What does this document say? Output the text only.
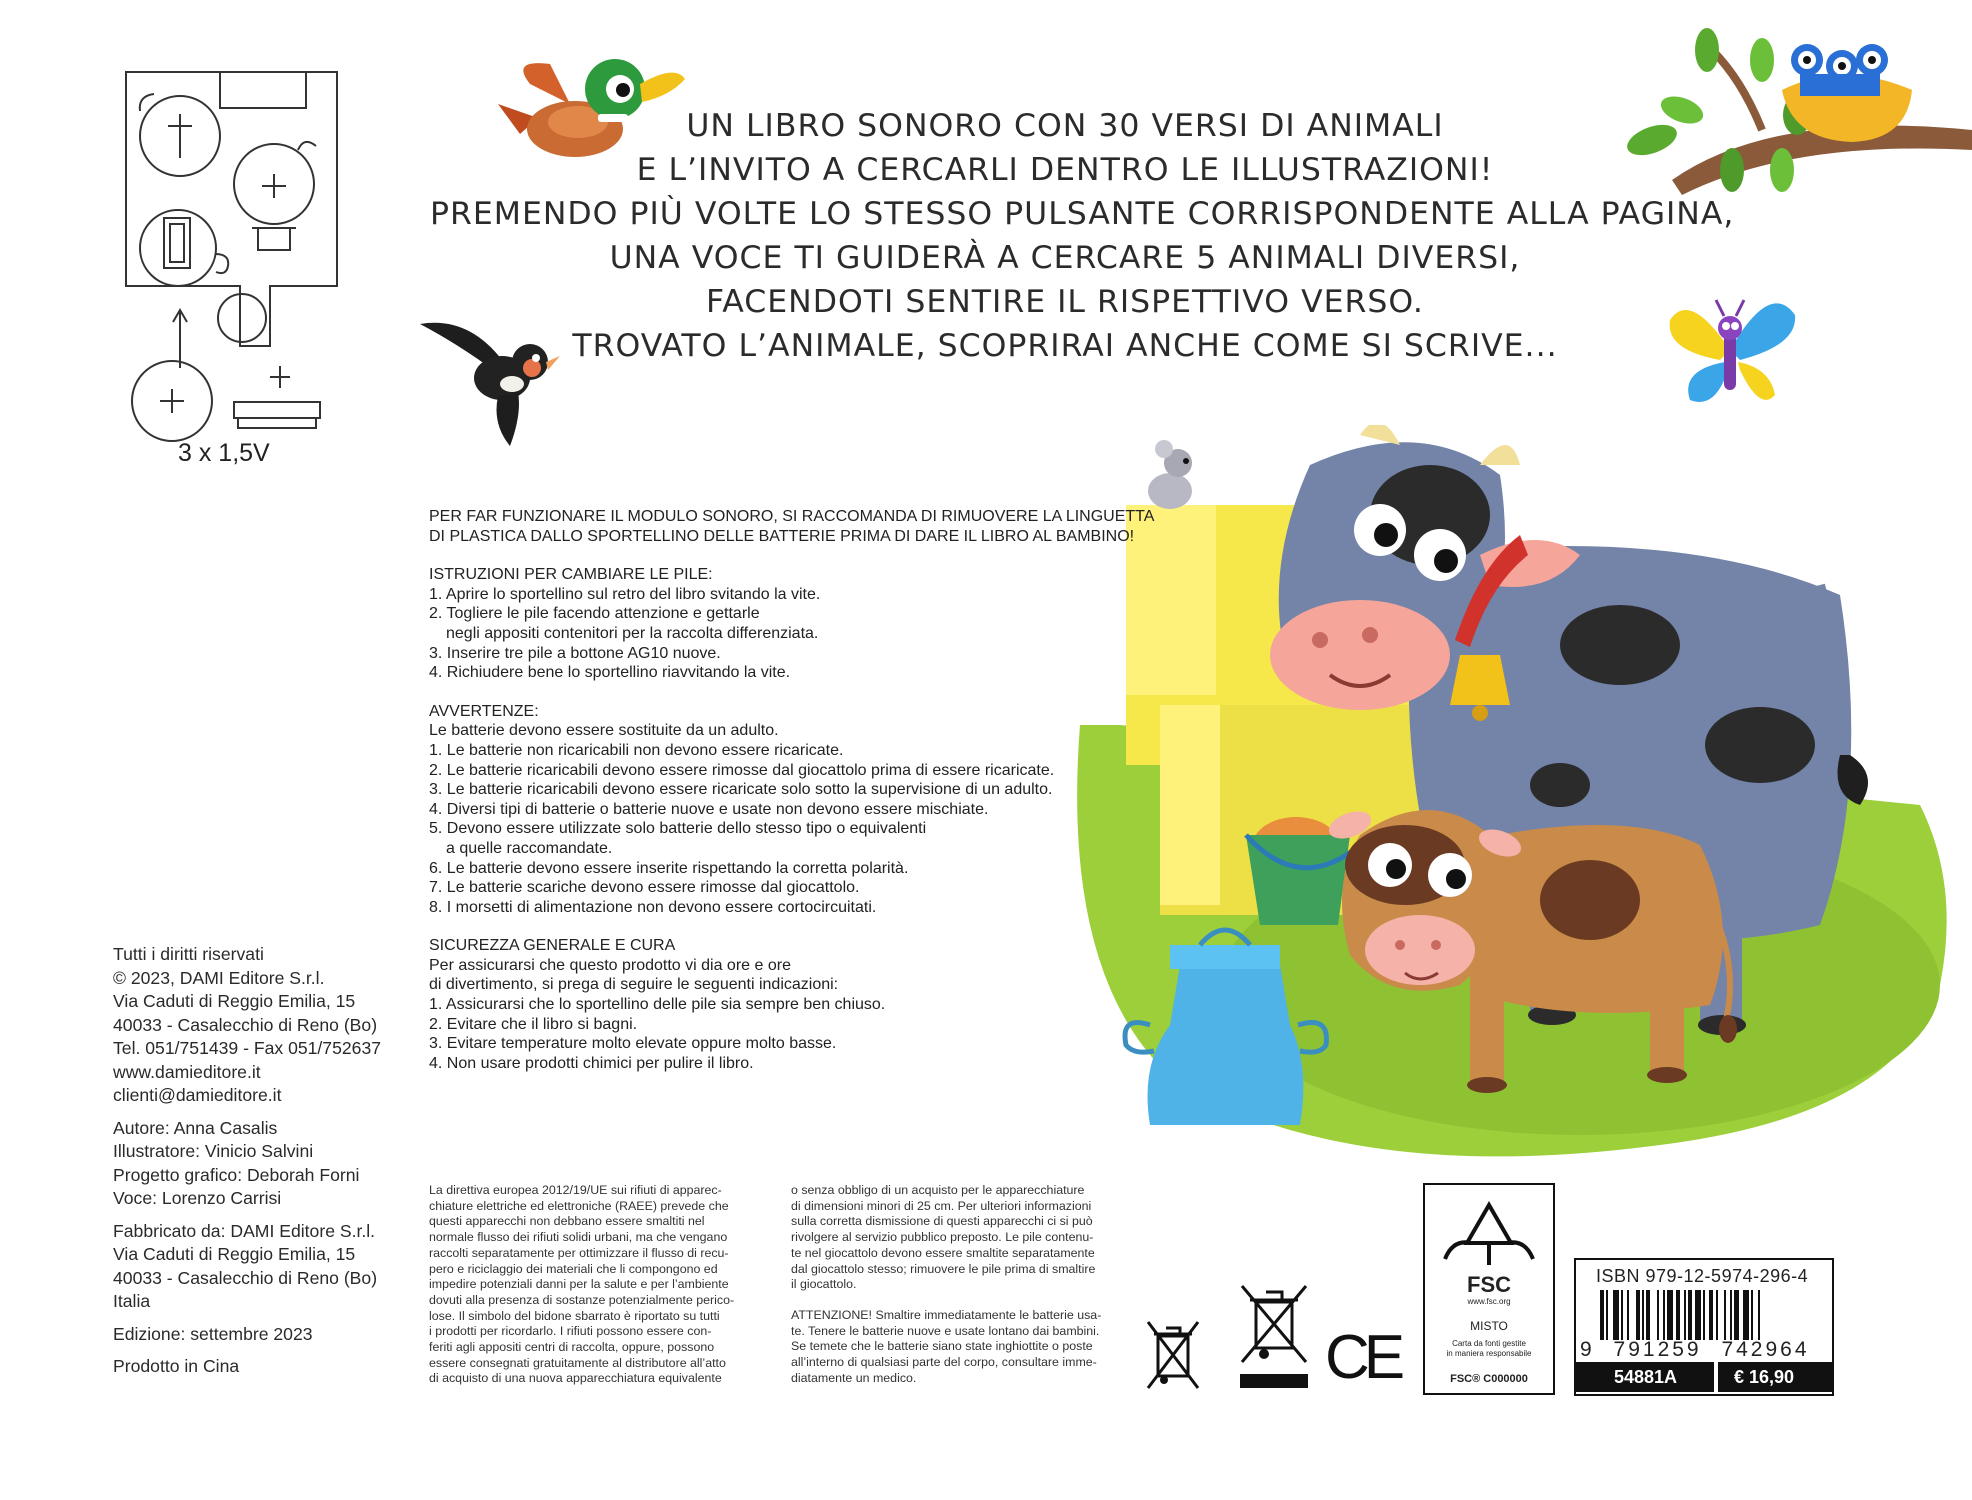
3 x 1,5V
UN LIBRO SONORO CON 30 VERSI DI ANIMALI
E L’INVITO A CERCARLI DENTRO LE ILLUSTRAZIONI!
PREMENDO PIÙ VOLTE LO STESSO PULSANTE CORRISPONDENTE ALLA PAGINA,
UNA VOCE TI GUIDERÀ A CERCARE 5 ANIMALI DIVERSI,
FACENDOTI SENTIRE IL RISPETTIVO VERSO.
TROVATO L’ANIMALE, SCOPRIRAI ANCHE COME SI SCRIVE...
PER FAR FUNZIONARE IL MODULO SONORO, SI RACCOMANDA DI RIMUOVERE LA LINGUETTA
DI PLASTICA DALLO SPORTELLINO DELLE BATTERIE PRIMA DI DARE IL LIBRO AL BAMBINO!
ISTRUZIONI PER CAMBIARE LE PILE:
1. Aprire lo sportellino sul retro del libro svitando la vite.
2. Togliere le pile facendo attenzione e gettarle
negli appositi contenitori per la raccolta differenziata.
3. Inserire tre pile a bottone AG10 nuove.
4. Richiudere bene lo sportellino riavvitando la vite.
AVVERTENZE:
Le batterie devono essere sostituite da un adulto.
1. Le batterie non ricaricabili non devono essere ricaricate.
2. Le batterie ricaricabili devono essere rimosse dal giocattolo prima di essere ricaricate.
3. Le batterie ricaricabili devono essere ricaricate solo sotto la supervisione di un adulto.
4. Diversi tipi di batterie o batterie nuove e usate non devono essere mischiate.
5. Devono essere utilizzate solo batterie dello stesso tipo o equivalenti
a quelle raccomandate.
6. Le batterie devono essere inserite rispettando la corretta polarità.
7. Le batterie scariche devono essere rimosse dal giocattolo.
8. I morsetti di alimentazione non devono essere cortocircuitati.
SICUREZZA GENERALE E CURA
Per assicurarsi che questo prodotto vi dia ore e ore
di divertimento, si prega di seguire le seguenti indicazioni:
1. Assicurarsi che lo sportellino delle pile sia sempre ben chiuso.
2. Evitare che il libro si bagni.
3. Evitare temperature molto elevate oppure molto basse.
4. Non usare prodotti chimici per pulire il libro.
Tutti i diritti riservati
© 2023, DAMI Editore S.r.l.
Via Caduti di Reggio Emilia, 15
40033 - Casalecchio di Reno (Bo)
Tel. 051/751439 - Fax 051/752637
www.damieditore.it
clienti@damieditore.it
Autore: Anna Casalis
Illustratore: Vinicio Salvini
Progetto grafico: Deborah Forni
Voce: Lorenzo Carrisi
Fabbricato da: DAMI Editore S.r.l.
Via Caduti di Reggio Emilia, 15
40033 - Casalecchio di Reno (Bo)
Italia
Edizione: settembre 2023
Prodotto in Cina
La direttiva europea 2012/19/UE sui rifiuti di apparec-
chiature elettriche ed elettroniche (RAEE) prevede che
questi apparecchi non debbano essere smaltiti nel
normale flusso dei rifiuti solidi urbani, ma che vengano
raccolti separatamente per ottimizzare il flusso di recu-
pero e riciclaggio dei materiali che li compongono ed
impedire potenziali danni per la salute e per l’ambiente
dovuti alla presenza di sostanze potenzialmente perico-
lose. Il simbolo del bidone sbarrato è riportato su tutti
i prodotti per ricordarlo. I rifiuti possono essere con-
feriti agli appositi centri di raccolta, oppure, possono
essere consegnati gratuitamente al distributore all’atto
di acquisto di una nuova apparecchiatura equivalente
o senza obbligo di un acquisto per le apparecchiature
di dimensioni minori di 25 cm. Per ulteriori informazioni
sulla corretta dismissione di questi apparecchi ci si può
rivolgere al servizio pubblico preposto. Le pile contenu-
te nel giocattolo devono essere smaltite separatamente
dal giocattolo stesso; rimuovere le pile prima di smaltire
il giocattolo.
ATTENZIONE! Smaltire immediatamente le batterie usa-
te. Tenere le batterie nuove e usate lontano dai bambini.
Se temete che le batterie siano state inghiottite o poste
all’interno di qualsiasi parte del corpo, consultare imme-
diatamente un medico.	CE
FSC
www.fsc.org
MISTO
Carta da fonti gestite
in maniera responsabile
FSC® C000000
ISBN 979-12-5974-296-4
9 791259 742964
54881A	€ 16,90
